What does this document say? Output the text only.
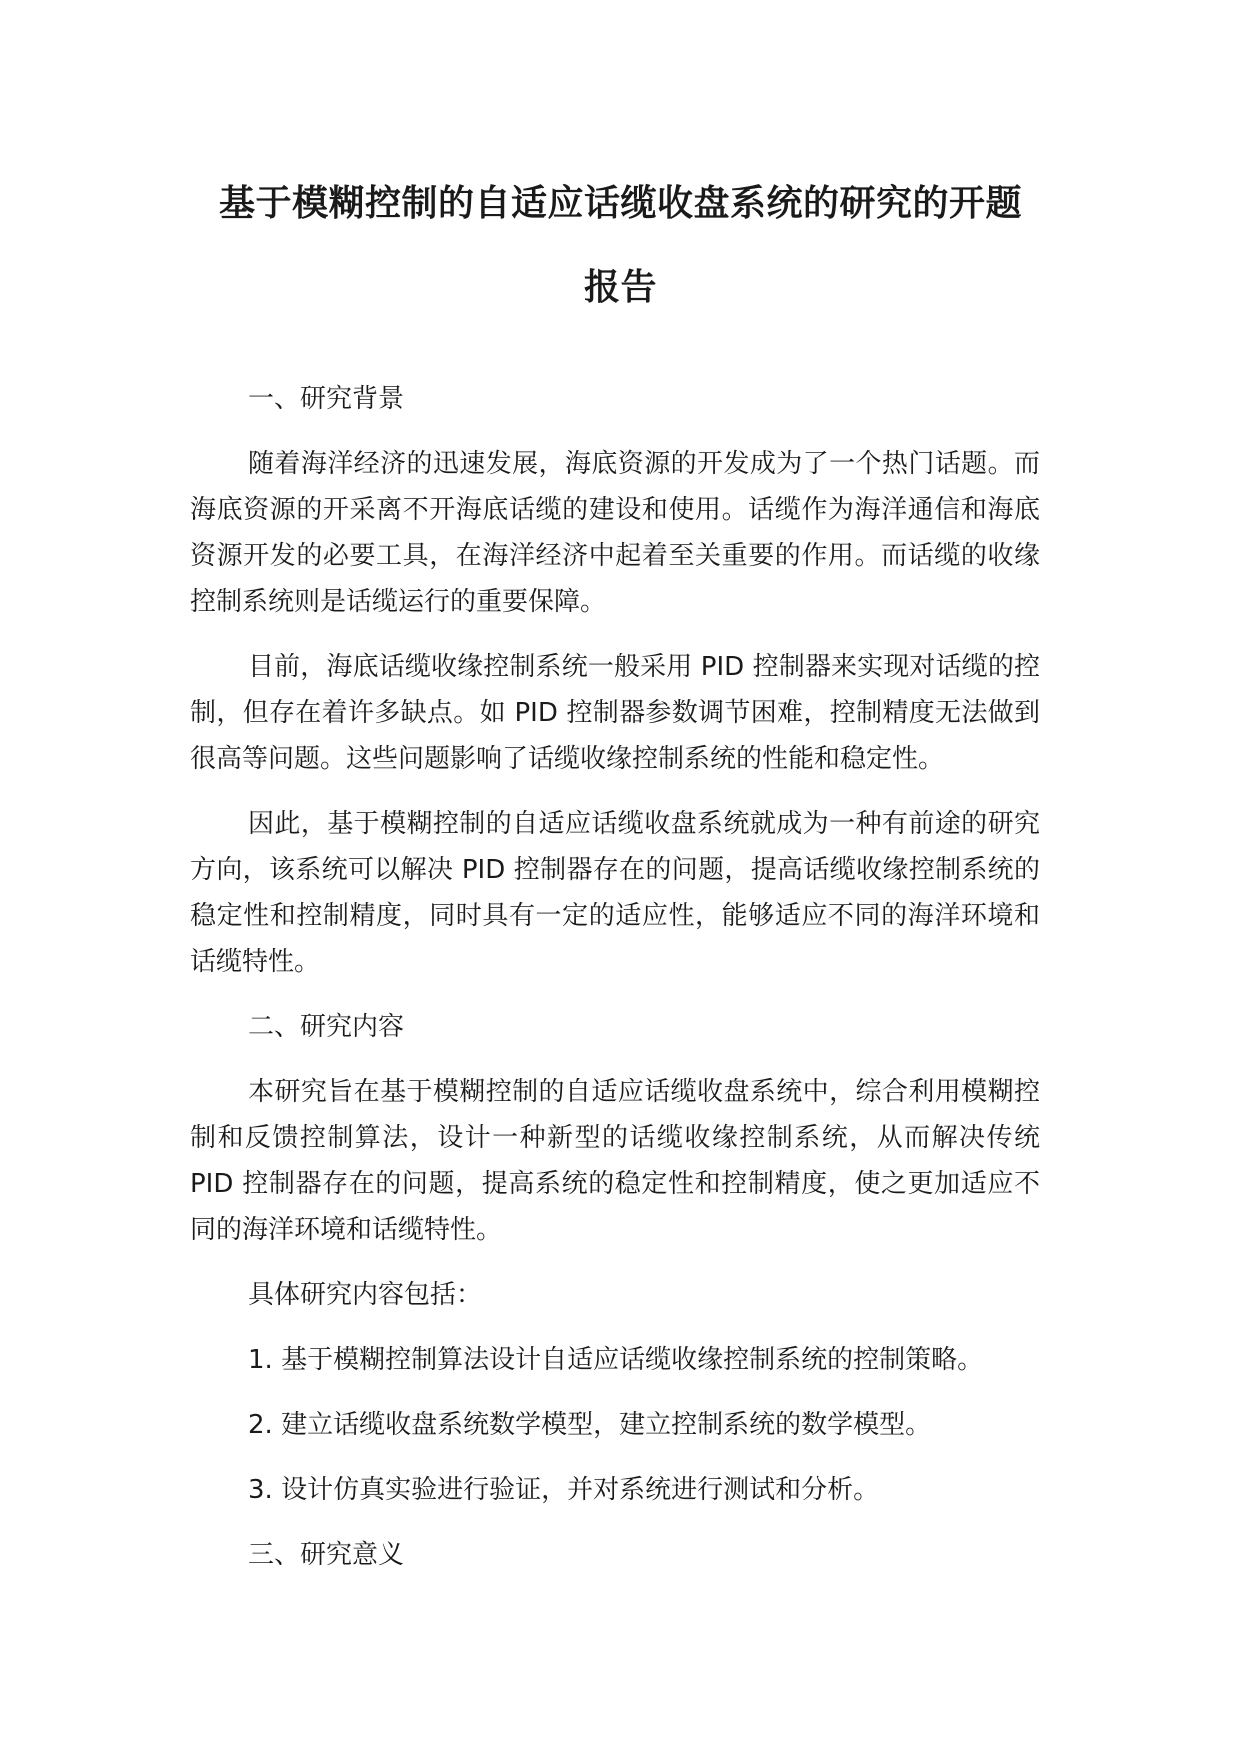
基于模糊控制的自适应话缆收盘系统的研究的开题
报告

一、研究背景

随着海洋经济的迅速发展，海底资源的开发成为了一个热门话题。而海底资源的开采离不开海底话缆的建设和使用。话缆作为海洋通信和海底资源开发的必要工具，在海洋经济中起着至关重要的作用。而话缆的收缘控制系统则是话缆运行的重要保障。

目前，海底话缆收缘控制系统一般采用 PID 控制器来实现对话缆的控制，但存在着许多缺点。如 PID 控制器参数调节困难，控制精度无法做到很高等问题。这些问题影响了话缆收缘控制系统的性能和稳定性。

因此，基于模糊控制的自适应话缆收盘系统就成为一种有前途的研究方向，该系统可以解决 PID 控制器存在的问题，提高话缆收缘控制系统的稳定性和控制精度，同时具有一定的适应性，能够适应不同的海洋环境和话缆特性。

二、研究内容

本研究旨在基于模糊控制的自适应话缆收盘系统中，综合利用模糊控制和反馈控制算法，设计一种新型的话缆收缘控制系统，从而解决传统 PID 控制器存在的问题，提高系统的稳定性和控制精度，使之更加适应不同的海洋环境和话缆特性。

具体研究内容包括：

1. 基于模糊控制算法设计自适应话缆收缘控制系统的控制策略。

2. 建立话缆收盘系统数学模型，建立控制系统的数学模型。

3. 设计仿真实验进行验证，并对系统进行测试和分析。

三、研究意义
